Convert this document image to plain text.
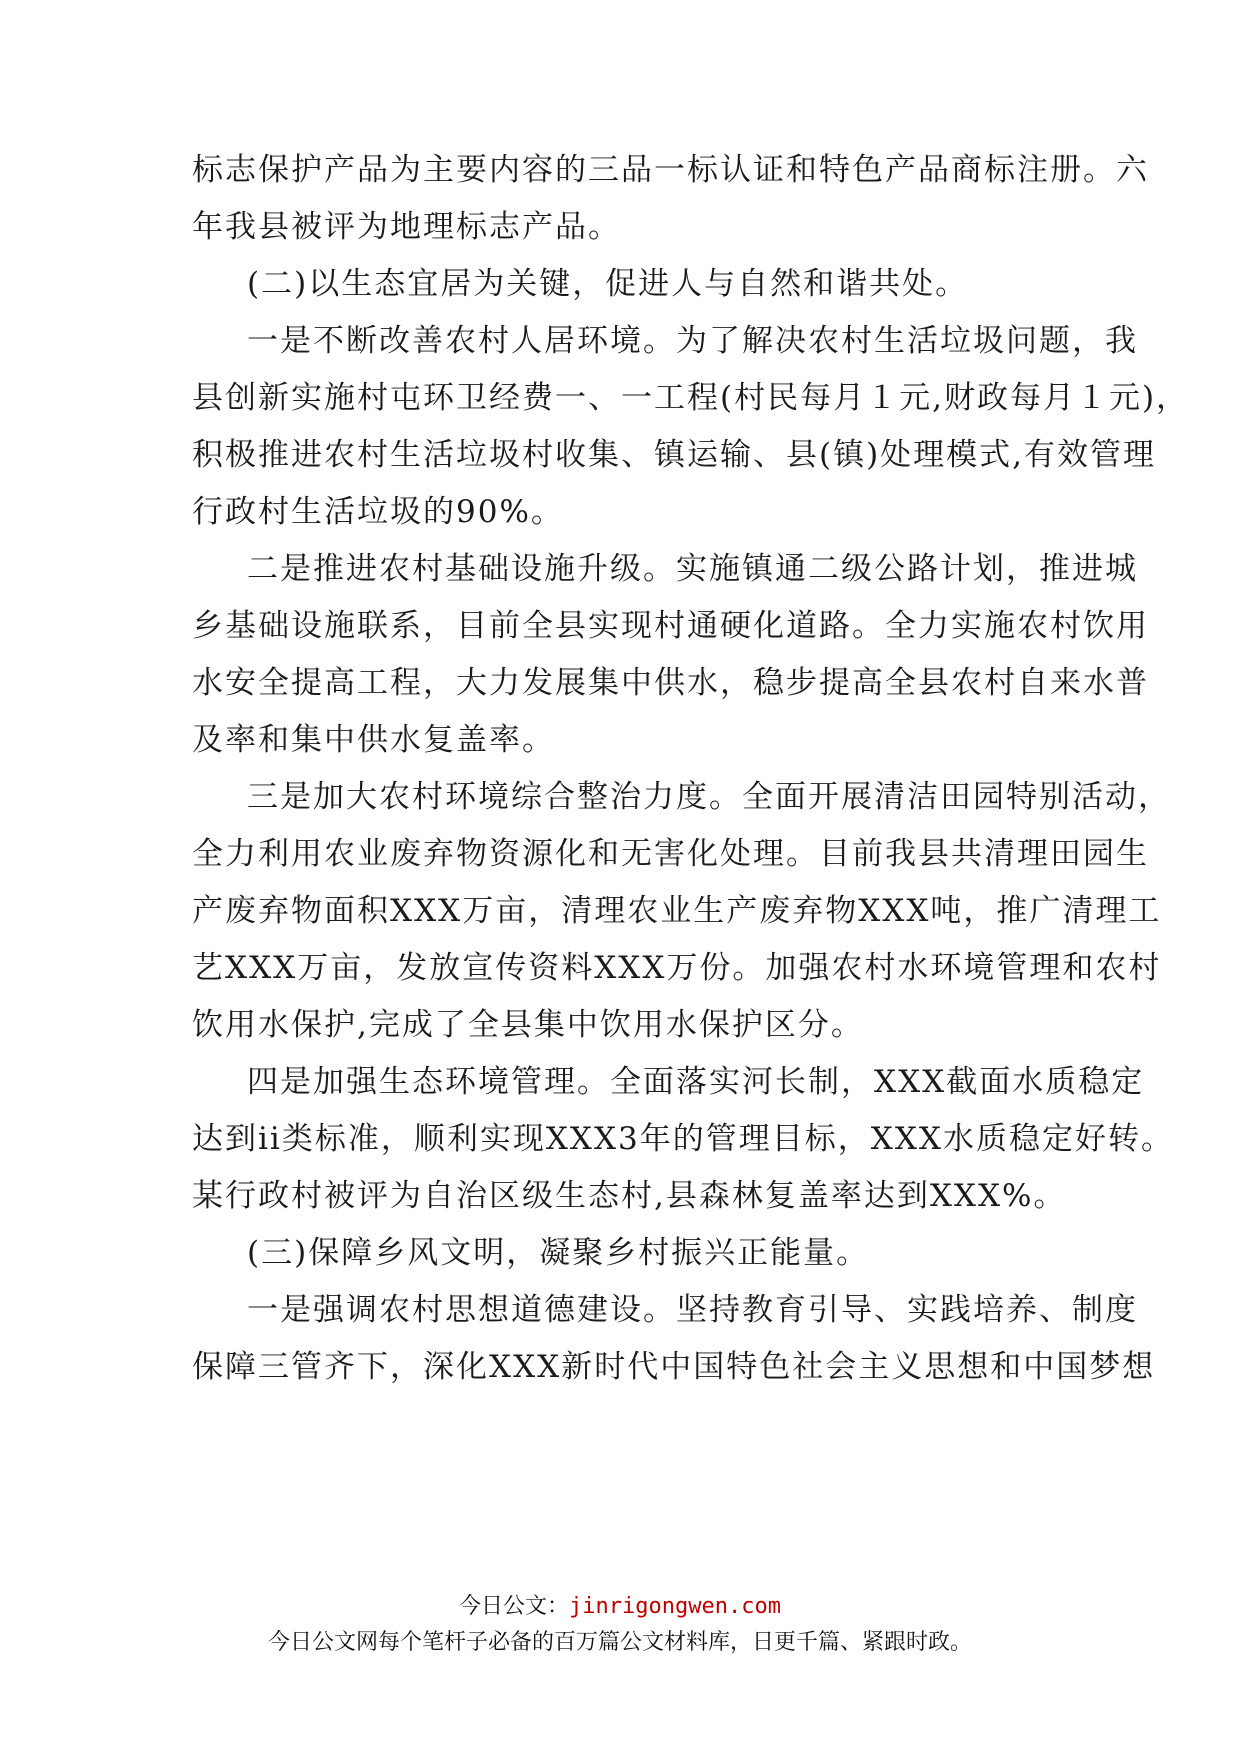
标志保护产品为主要内容的三品一标认证和特色产品商标注册。六
年我县被评为地理标志产品。
(二)以生态宜居为关键，促进人与自然和谐共处。
一是不断改善农村人居环境。为了解决农村生活垃圾问题，我
县创新实施村屯环卫经费一、一工程(村民每月１元,财政每月１元)，
积极推进农村生活垃圾村收集、镇运输、县(镇)处理模式,有效管理
行政村生活垃圾的90%。
二是推进农村基础设施升级。实施镇通二级公路计划，推进城
乡基础设施联系，目前全县实现村通硬化道路。全力实施农村饮用
水安全提高工程，大力发展集中供水，稳步提高全县农村自来水普
及率和集中供水复盖率。
三是加大农村环境综合整治力度。全面开展清洁田园特别活动，
全力利用农业废弃物资源化和无害化处理。目前我县共清理田园生
产废弃物面积XXX万亩，清理农业生产废弃物XXX吨，推广清理工
艺XXX万亩，发放宣传资料XXX万份。加强农村水环境管理和农村
饮用水保护,完成了全县集中饮用水保护区分。
四是加强生态环境管理。全面落实河长制，XXX截面水质稳定
达到ii类标准，顺利实现XXX3年的管理目标，XXX水质稳定好转。
某行政村被评为自治区级生态村,县森林复盖率达到XXX%。
(三)保障乡风文明，凝聚乡村振兴正能量。
一是强调农村思想道德建设。坚持教育引导、实践培养、制度
保障三管齐下，深化XXX新时代中国特色社会主义思想和中国梦想
今日公文：jinrigongwen.com
今日公文网每个笔杆子必备的百万篇公文材料库，日更千篇、紧跟时政。
